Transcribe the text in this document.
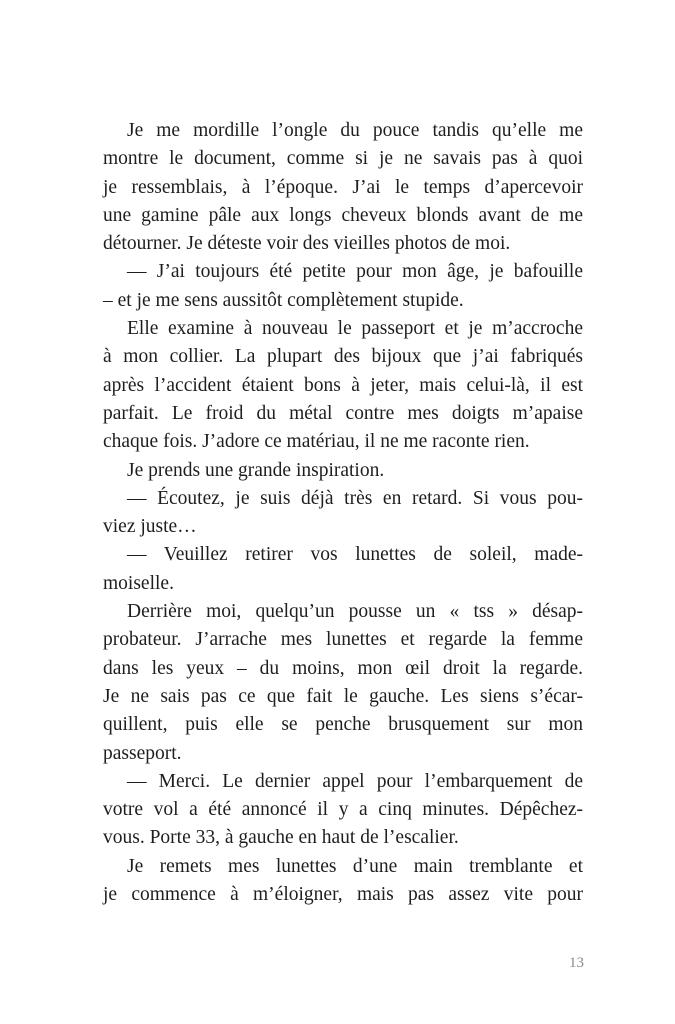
Je me mordille l’ongle du pouce tandis qu’elle me
montre le document, comme si je ne savais pas à quoi
je ressemblais, à l’époque. J’ai le temps d’apercevoir
une gamine pâle aux longs cheveux blonds avant de me
détourner. Je déteste voir des vieilles photos de moi.
— J’ai toujours été petite pour mon âge, je bafouille
– et je me sens aussitôt complètement stupide.
Elle examine à nouveau le passeport et je m’accroche
à mon collier. La plupart des bijoux que j’ai fabriqués
après l’accident étaient bons à jeter, mais celui-là, il est
parfait. Le froid du métal contre mes doigts m’apaise
chaque fois. J’adore ce matériau, il ne me raconte rien.
Je prends une grande inspiration.
— Écoutez, je suis déjà très en retard. Si vous pou-
viez juste…
— Veuillez retirer vos lunettes de soleil, made-
moiselle.
Derrière moi, quelqu’un pousse un « tss » désap-
probateur. J’arrache mes lunettes et regarde la femme
dans les yeux – du moins, mon œil droit la regarde.
Je ne sais pas ce que fait le gauche. Les siens s’écar-
quillent, puis elle se penche brusquement sur mon
passeport.
— Merci. Le dernier appel pour l’embarquement de
votre vol a été annoncé il y a cinq minutes. Dépêchez-
vous. Porte 33, à gauche en haut de l’escalier.
Je remets mes lunettes d’une main tremblante et
je commence à m’éloigner, mais pas assez vite pour
13
